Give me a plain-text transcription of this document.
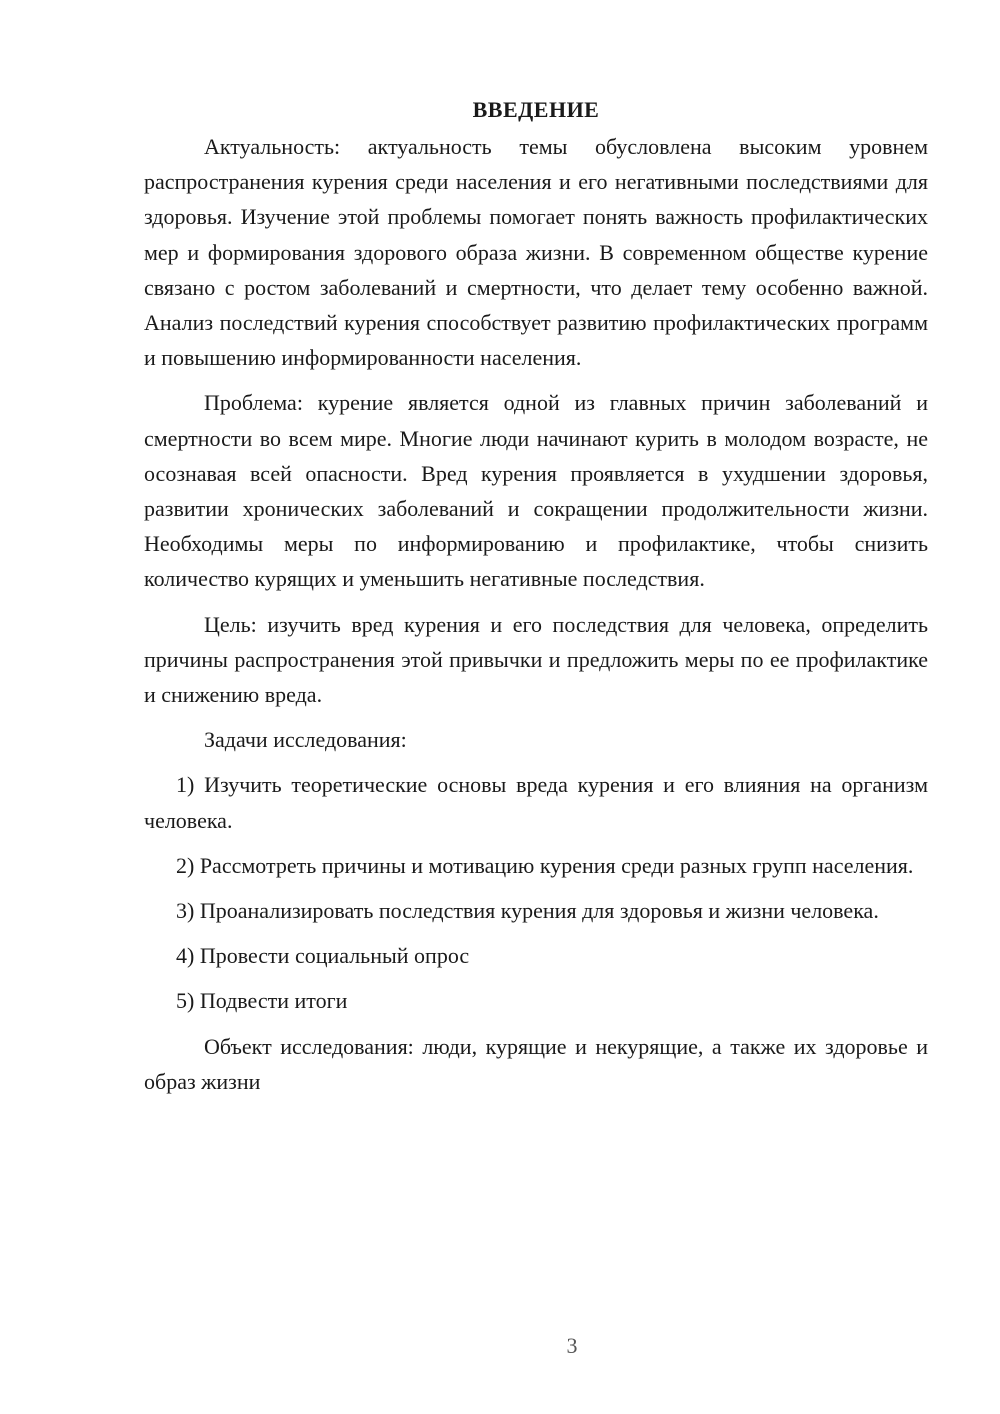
ВВЕДЕНИЕ

Актуальность: актуальность темы обусловлена высоким уровнем распространения курения среди населения и его негативными последствиями для здоровья. Изучение этой проблемы помогает понять важность профилактических мер и формирования здорового образа жизни. В современном обществе курение связано с ростом заболеваний и смертности, что делает тему особенно важной. Анализ последствий курения способствует развитию профилактических программ и повышению информированности населения.

Проблема: курение является одной из главных причин заболеваний и смертности во всем мире. Многие люди начинают курить в молодом возрасте, не осознавая всей опасности. Вред курения проявляется в ухудшении здоровья, развитии хронических заболеваний и сокращении продолжительности жизни. Необходимы меры по информированию и профилактике, чтобы снизить количество курящих и уменьшить негативные последствия.

Цель: изучить вред курения и его последствия для человека, определить причины распространения этой привычки и предложить меры по ее профилактике и снижению вреда.

Задачи исследования:

1) Изучить теоретические основы вреда курения и его влияния на организм человека.

2) Рассмотреть причины и мотивацию курения среди разных групп населения.

3) Проанализировать последствия курения для здоровья и жизни человека.

4) Провести социальный опрос

5) Подвести итоги

Объект исследования: люди, курящие и некурящие, а также их здоровье и образ жизни

3
